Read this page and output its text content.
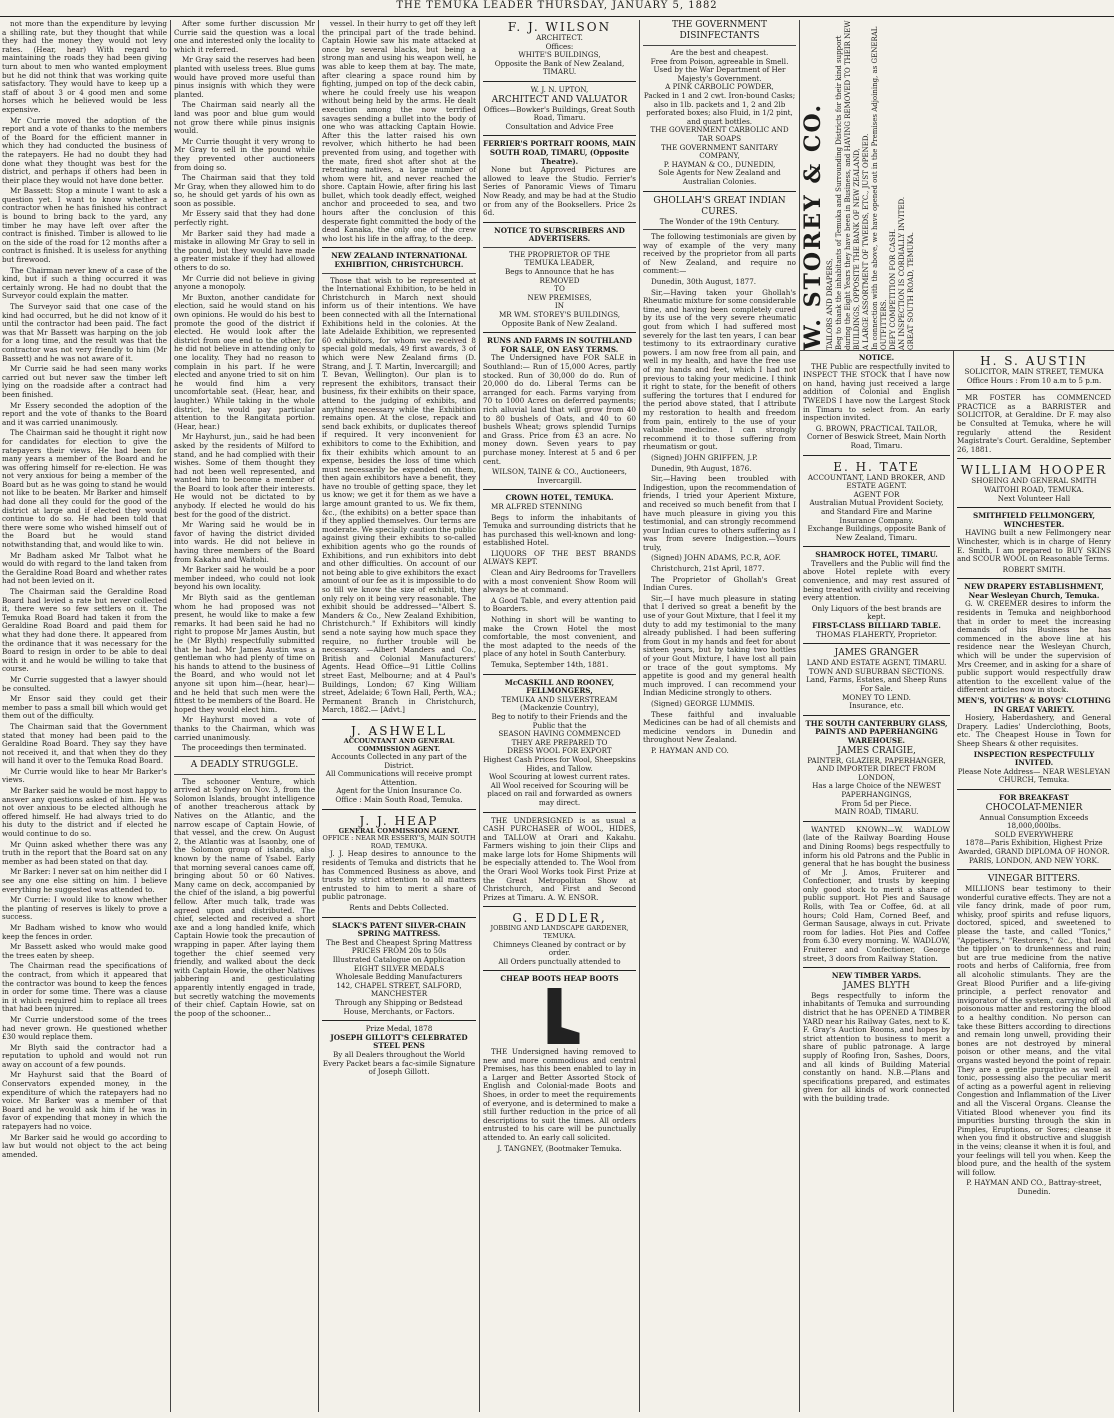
THE TEMUKA LEADER THURSDAY, JANUARY 5, 1882

not more than the expenditure by levying a shilling rate, but they thought that while they had the money they would not levy rates. (Hear, hear) With regard to maintaining the roads they had been giving turn about to men who wanted employment but he did not think that was working quite satisfactory. They would have to keep up a staff of about 3 or 4 good men and some horses which he believed would be less expensive.

Mr Currie moved the adoption of the report and a vote of thanks to the members of the Board for the efficient manner in which they had conducted the business of the ratepayers. He had no doubt they had done what they thought was best for the district, and perhaps if others had been in their place they would not have done better.

Mr Bassett: Stop a minute I want to ask a question yet. I want to know whether a contractor when he has finished his contract is bound to bring back to the yard, any timber he may have left over after the contract is finished. Timber is allowed to lie on the side of the road for 12 months after a contract is finished. It is useless for anything but firewood.

The Chairman never knew of a case of the kind, but if such a thing occurred it was certainly wrong. He had no doubt that the Surveyor could explain the matter.

The Surveyor said that one case of the kind had occurred, but he did not know of it until the contractor had been paid. The fact was that Mr Bassett was harping on the job for a long time, and the result was that the contractor was not very friendly to him (Mr Bassett) and he was not aware of it.

Mr Currie said he had seen many works carried out but never saw the timber left lying on the roadside after a contract had been finished.

Mr Essery seconded the adoption of the report and the vote of thanks to the Board and it was carried unanimously.

The Chairman said he thought it right now for candidates for election to give the ratepayers their views. He had been for many years a member of the Board and he was offering himself for re-election. He was not very anxious for being a member of the Board but as he was going to stand he would not like to be beaten. Mr Barker and himself had done all they could for the good of the district at large and if elected they would continue to do so. He had been told that there were some who wished himself out of the Board but he would stand notwithstanding that, and would like to win.

Mr Badham asked Mr Talbot what he would do with regard to the land taken from the Geraldine Road Board and whether rates had not been levied on it.

The Chairman said the Geraldine Road Board had levied a rate but never collected it, there were so few settlers on it. The Temuka Road Board had taken it from the Geraldine Road Board and paid them for what they had done there. It appeared from the ordinance that it was necessary for the Board to resign in order to be able to deal with it and he would be willing to take that course.

Mr Currie suggested that a lawyer should be consulted.

Mr Ensor said they could get their member to pass a small bill which would get them out of the difficulty.

The Chairman said that the Government stated that money had been paid to the Geraldine Road Board. They say they have not received it, and that when they do they will hand it over to the Temuka Road Board.

Mr Currie would like to hear Mr Barker's views.

Mr Barker said he would be most happy to answer any questions asked of him. He was not over anxious to be elected although he offered himself. He had always tried to do his duty to the district and if elected he would continue to do so.

Mr Quinn asked whether there was any truth in the report that the Board sat on any member as had been stated on that day.

Mr Barker: I never sat on him neither did I see any one else sitting on him. I believe everything he suggested was attended to.

Mr Currie: I would like to know whether the planting of reserves is likely to prove a success.

Mr Badham wished to know who would keep the fences in order.

Mr Bassett asked who would make good the trees eaten by sheep.

The Chairman read the specifications of the contract, from which it appeared that the contractor was bound to keep the fences in order for some time. There was a clause in it which required him to replace all trees that had been injured.

Mr Currie understood some of the trees had never grown. He questioned whether £30 would replace them.

Mr Blyth said the contractor had a reputation to uphold and would not run away on account of a few pounds.

Mr Hayhurst said that the Board of Conservators expended money, in the expenditure of which the ratepayers had no voice. Mr Barker was a member of that Board and he would ask him if he was in favor of expending that money in which the ratepayers had no voice.

Mr Barker said he would go according to law but would not object to the act being amended.

After some further discussion Mr Currie said the question was a local one and interested only the locality to which it referred.

Mr Gray said the reserves had been planted with useless trees. Blue gums would have proved more useful than pinus insignis with which they were planted.

The Chairman said nearly all the land was poor and blue gum would not grow there while pinus insignis would.

Mr Currie thought it very wrong to Mr Gray to sell in the pound while they prevented other auctioneers from doing so.

The Chairman said that they told Mr Gray, when they allowed him to do so, he should get yards of his own as soon as possible.

Mr Essery said that they had done perfectly right.

Mr Barker said they had made a mistake in allowing Mr Gray to sell in the pound, but they would have made a greater mistake if they had allowed others to do so.

Mr Currie did not believe in giving anyone a monopoly.

Mr Buxton, another candidate for election, said he would stand on his own opinions. He would do his best to promote the good of the district if elected. He would look after the district from one end to the other, for he did not believe in attending only to one locality. They had no reason to complain in his part. If he were elected and anyone tried to sit on him he would find him a very uncomfortable seat. (Hear, hear, and laughter.) While taking in the whole district, he would pay particular attention to the Rangitata portion. (Hear, hear.)

Mr Hayhurst, jun., said he had been asked by the residents of Milford to stand, and he had complied with their wishes. Some of them thought they had not been well represented, and wanted him to become a member of the Board to look after their interests. He would not be dictated to by anybody. If elected he would do his best for the good of the district.

Mr Waring said he would be in favor of having the district divided into wards. He did not believe in having three members of the Board from Kakahu and Waitohi.

Mr Barker said he would be a poor member indeed, who could not look beyond his own locality.

Mr Blyth said as the gentleman whom he had proposed was not present, he would like to make a few remarks. It had been said he had no right to propose Mr James Austin, but he (Mr Blyth) respectfully submitted that he had. Mr James Austin was a gentleman who had plenty of time on his hands to attend to the business of the Board, and who would not let anyone sit upon him—(hear, hear)—and he held that such men were the fittest to be members of the Board. He hoped they would elect him.

Mr Hayhurst moved a vote of thanks to the Chairman, which was carried unanimously.

The proceedings then terminated.

A DEADLY STRUGGLE.

The schooner Venture, which arrived at Sydney on Nov. 3, from the Solomon Islands, brought intelligence of another treacherous attack by Natives on the Atlantic, and the narrow escape of Captain Howie, of that vessel, and the crew. On August 2, the Atlantic was at Isaonby, one of the Solomon group of islands, also known by the name of Ysabel. Early that morning several canoes came off, bringing about 50 or 60 Natives. Many came on deck, accompanied by the chief of the island, a big powerful fellow. After much talk, trade was agreed upon and distributed. The chief, selected and received a short axe and a long handled knife, which Captain Howie took the precaution of wrapping in paper. After laying them together the chief seemed very friendly, and walked about the deck with Captain Howie, the other Natives jabbering and gesticulating apparently intently engaged in trade, but secretly watching the movements of their chief. Captain Howie, sat on the poop of the schooner...

vessel. In their hurry to get off they left the principal part of the trade behind. Captain Howie saw his mate attacked at once by several blacks, but being a strong man and using his weapon well, he was able to keep them at bay. The mate, after clearing a space round him by fighting, jumped on top of the deck cabin, where he could freely use his weapon without being held by the arms. He dealt execution among the now terrified savages sending a bullet into the body of one who was attacking Captain Howie. After this the latter raised his own revolver, which hitherto he had been prevented from using, and together with the mate, fired shot after shot at the retreating natives, a large number of whom were hit, and never reached the shore. Captain Howie, after firing his last bullet, which took deadly effect, weighed anchor and proceeded to sea, and two hours after the conclusion of this desperate fight committed the body of the dead Kanaka, the only one of the crew who lost his life in the affray, to the deep.

NEW ZEALAND INTERNATIONAL EXHIBITION, CHRISTCHURCH.

Those that wish to be represented at the International Exhibition, to be held in Christchurch in March next should inform us of their intentions. We have been connected with all the International Exhibitions held in the colonies. At the late Adelaide Exhibition, we represented 60 exhibitors, for whom we received 8 special gold medals, 49 first awards, 3 of which were New Zealand firms (D. Strang, and J. T. Martin, Invercargill; and T. Bevan, Wellington). Our plan is to represent the exhibitors, transact their business, fix their exhibits on their space, attend to the judging of exhibits, and anything necessary while the Exhibition remains open. At the close, repack and send back exhibits, or duplicates thereof if required. It very inconvenient for exhibitors to come to the Exhibition, and fix their exhibits which amount to an expense, besides the loss of time which must necessarily be expended on them, then again exhibitors have a benefit, they have no trouble of getting space, they let us know; we get it for them as we have a large amount granted to us. We fix them, &c., (the exhibits) on a better space than if they applied themselves. Our terms are moderate. We specially caution the public against giving their exhibits to so-called exhibition agents who go the rounds of Exhibitions, and run exhibitors into debt and other difficulties. On account of our not being able to give exhibitors the exact amount of our fee as it is impossible to do so till we know the size of exhibit, they only rely on it being very reasonable. The exhibit should be addressed—"Albert S. Manders & Co., New Zealand Exhibition, Christchurch." If Exhibitors will kindly send a note saying how much space they require, no further trouble will be necessary. —Albert Manders and Co., British and Colonial Manufacturers' Agents. Head Office—91 Little Collins street East, Melbourne; and at 4 Paul's Buildings, London; 67 King William street, Adelaide; 6 Town Hall, Perth, W.A.; Permanent Branch in Christchurch, March, 1882.— [Advt.]

J. ASHWELL
ACCOUNTANT AND GENERAL COMMISSION AGENT.
Accounts Collected in any part of the District.
All Communications will receive prompt Attention.
Agent for the Union Insurance Co.
Office : Main South Road, Temuka.
J. J. HEAP
GENERAL COMMISSION AGENT.
OFFICE : NEAR MR ESSERY'S, MAIN SOUTH ROAD, TEMUKA.

J. J. Heap desires to announce to the residents of Temuka and districts that he has Commenced Business as above, and trusts by strict attention to all matters entrusted to him to merit a share of public patronage.

Rents and Debts Collected.
SLACK'S PATENT SILVER-CHAIN SPRING MATTRESS.
The Best and Cheapest Spring Mattress
PRICES FROM 20s to 50s
Illustrated Catalogue on Application
EIGHT SILVER MEDALS
Wholesale Bedding Manufacturers
142, CHAPEL STREET, SALFORD, MANCHESTER
Through any Shipping or Bedstead House, Merchants, or Factors.
Prize Medal, 1878
JOSEPH GILLOTT'S CELEBRATED STEEL PENS
By all Dealers throughout the World
Every Packet bears a fac-simile Signature of Joseph Gillott.
F. J. WILSON
ARCHITECT.
Offices:
WHITE'S BUILDINGS,
Opposite the Bank of New Zealand, TIMARU.
W. J. N. UPTON,
ARCHITECT AND VALUATOR
Offices—Bowker's Buildings, Great South Road, Timaru.
Consultation and Advice Free
FERRIER'S PORTRAIT ROOMS, MAIN SOUTH ROAD, TIMARU, (Opposite Theatre).

None but Approved Pictures are allowed to leave the Studio. Ferrier's Series of Panoramic Views of Timaru Now Ready, and may be had at the Studio or from any of the Booksellers. Price 2s 6d.

NOTICE TO SUBSCRIBERS AND ADVERTISERS.
THE PROPRIETOR OF THE
TEMUKA LEADER,
Begs to Announce that he has
REMOVED
TO
NEW PREMISES,
IN
MR WM. STOREY'S BUILDINGS,
Opposite Bank of New Zealand.
RUNS AND FARMS IN SOUTHLAND FOR SALE, ON EASY TERMS.

The Undersigned have FOR SALE in Southland:— Run of 15,000 Acres, partly stocked. Run of 30,000 do do. Run of 20,000 do do. Liberal Terms can be arranged for each. Farms varying from 70 to 1000 Acres on deferred payments; rich alluvial land that will grow from 40 to 80 bushels of Oats, and 40 to 60 bushels Wheat; grows splendid Turnips and Grass. Price from £3 an acre. No money down. Seven years to pay purchase money. Interest at 5 and 6 per cent.

WILSON, TAINE & CO., Auctioneers, Invercargill.
CROWN HOTEL, TEMUKA.

MR ALFRED STENNING

Begs to inform the inhabitants of Temuka and surrounding districts that he has purchased this well-known and long-established Hotel.

LIQUORS OF THE BEST BRANDS ALWAYS KEPT.

Clean and Airy Bedrooms for Travellers with a most convenient Show Room will always be at command.

A Good Table, and every attention paid to Boarders.

Nothing in short will be wanting to make the Crown Hotel the most comfortable, the most convenient, and the most adapted to the needs of the place of any hotel in South Canterbury.

Temuka, September 14th, 1881.

McCASKILL AND ROONEY, FELLMONGERS,
TEMUKA AND SILVERSTREAM (Mackenzie Country),
Beg to notify to their Friends and the Public that the
SEASON HAVING COMMENCED
THEY ARE PREPARED TO
DRESS WOOL FOR EXPORT
Highest Cash Prices for Wool, Sheepskins Hides, and Tallow.
Wool Scouring at lowest current rates. All Wool received for Scouring will be placed on rail and forwarded as owners may direct.

THE UNDERSIGNED is as usual a CASH PURCHASER of WOOL, HIDES, and TALLOW at Orari and Kakahu. Farmers wishing to join their Clips and make large lots for Home Shipments will be especially attended to. The Wool from the Orari Wool Works took First Prize at the Great Metropolitan Show at Christchurch, and First and Second Prizes at Timaru. A. W. ENSOR.

G. EDDLER,
JOBBING AND LANDSCAPE GARDENER, TEMUKA.
Chimneys Cleaned by contract or by order.
All Orders punctually attended to
CHEAP BOOTS HEAP BOOTS

THE Undersigned having removed to new and more commodious and central Premises, has this been enabled to lay in a Larger and Better Assorted Stock of English and Colonial-made Boots and Shoes, in order to meet the requirements of everyone, and is determined to make a still further reduction in the price of all descriptions to suit the times. All orders entrusted to his care will be punctually attended to. An early call solicited.

J. TANGNEY, (Bootmaker Temuka.
THE GOVERNMENT DISINFECTANTS
Are the best and cheapest.
Free from Poison, agreeable in Smell.
Used by the War Department of Her Majesty's Government.
A PINK CARBOLIC POWDER,
Packed in 1 and 2 cwt. Iron-bound Casks; also in 1lb. packets and 1, 2 and 2lb perforated boxes; also Fluid, in 1/2 pint, and quart bottles.
THE GOVERNMENT CARBOLIC AND TAR SOAPS
THE GOVERNMENT SANITARY COMPANY,
P. HAYMAN & CO., DUNEDIN,
Sole Agents for New Zealand and Australian Colonies.
GHOLLAH'S GREAT INDIAN CURES.
The Wonder of the 19th Century.

The following testimonials are given by way of example of the very many received by the proprietor from all parts of New Zealand, and require no comment:—

Dunedin, 30th August, 1877.

Sir,—Having taken your Ghollah's Rheumatic mixture for some considerable time, and having been completely cured by its use of the very severe rheumatic gout from which I had suffered most severely for the last ten years, I can bear testimony to its extraordinary curative powers. I am now free from all pain, and well in my health, and have the free use of my hands and feet, which I had not previous to taking your medicine. I think it right to state, for the benefit of others suffering the tortures that I endured for the period above stated, that I attribute my restoration to health and freedom from pain, entirely to the use of your valuable medicine. I can strongly recommend it to those suffering from rheumatism or gout.

(Signed) JOHN GRIFFEN, J.P.

Dunedin, 9th August, 1876.

Sir,—Having been troubled with Indigestion, upon the recommendation of friends, I tried your Aperient Mixture, and received so much benefit from that I have much pleasure in giving you this testimonial, and can strongly recommend your Indian cures to others suffering as I was from severe Indigestion.—Yours truly,

(Signed) JOHN ADAMS, P.C.R, AOF.

Christchurch, 21st April, 1877.

The Proprietor of Ghollah's Great Indian Cures.

Sir,—I have much pleasure in stating that I derived so great a benefit by the use of your Gout Mixture, that I feel it my duty to add my testimonial to the many already published. I had been suffering from Gout in my hands and feet for about sixteen years, but by taking two bottles of your Gout Mixture, I have lost all pain or trace of the gout symptoms. My appetite is good and my general health much improved. I can recommend your Indian Medicine strongly to others.

(Signed) GEORGE LUMMIS.

These faithful and invaluable Medicines can be had of all chemists and medicine vendors in Dunedin and throughout New Zealand.

P. HAYMAN AND CO.

W. STOREY & CO. TAILORS AND DRAPERS, Beg to thank the inhabitants of Temuka and Surrounding Districts for their kind support during the Eight Years they have been in Business, and HAVING REMOVED TO THEIR NEW BUILDINGS, OPPOSITE THE BANK OF NEW ZEALAND, A LARGE ASSORTMENT OF TWEEDS, ETC., JUST OPENED. In connection with the above, we have opened out in the Premises Adjoining, as GENERAL OUTFITTERS. DEFY COMPETITION FOR CASH. AN INSPECTION IS CORDIALLY INVITED. GREAT SOUTH ROAD, TEMUKA.
NOTICE.

THE Public are respectfully invited to INSPECT THE STOCK that I have now on hand, having just received a large addition of Colonial and English TWEEDS I have now the Largest Stock in Timaru to select from. An early inspection invited.

G. BROWN, PRACTICAL TAILOR, Corner of Beswick Street, Main North Road, Timaru.
E. H. TATE
ACCOUNTANT, LAND BROKER, AND ESTATE AGENT.
AGENT FOR
Australian Mutual Provident Society, and Standard Fire and Marine Insurance Company.
Exchange Buildings, opposite Bank of New Zealand, Timaru.
SHAMROCK HOTEL, TIMARU.

Travellers and the Public will find the above Hotel replete with every convenience, and may rest assured of being treated with civility and receiving every attention.

Only Liquors of the best brands are kept.
FIRST-CLASS BILLIARD TABLE.
THOMAS FLAHERTY, Proprietor.
JAMES GRANGER
LAND AND ESTATE AGENT, TIMARU.
TOWN AND SUBURBAN SECTIONS.
Land, Farms, Estates, and Sheep Runs For Sale.
MONEY TO LEND.
Insurance, etc.
THE SOUTH CANTERBURY GLASS, PAINTS AND PAPERHANGING WAREHOUSE.
JAMES CRAIGIE,
PAINTER, GLAZIER, PAPERHANGER, AND IMPORTER DIRECT FROM LONDON,
Has a large Choice of the NEWEST PAPERHANGINGS,
From 5d per Piece.
MAIN ROAD, TIMARU.

WANTED KNOWN—W. WADLOW (late of the Railway Boarding House and Dining Rooms) begs respectfully to inform his old Patrons and the Public in general that he has bought the business of Mr J. Amos, Fruiterer and Confectioner, and trusts by keeping only good stock to merit a share of public support. Hot Pies and Sausage Rolls, with Tea or Coffee, 6d. at all hours; Cold Ham, Corned Beef, and German Sausage, always in cut. Private room for ladies. Hot Pies and Coffee from 6.30 every morning. W. WADLOW, Fruiterer and Confectioner, George street, 3 doors from Railway Station.

NEW TIMBER YARDS.
JAMES BLYTH

Begs respectfully to inform the inhabitants of Temuka and surrounding district that he has OPENED A TIMBER YARD near his Railway Gates, next to K. F. Gray's Auction Rooms, and hopes by strict attention to business to merit a share of public patronage. A large supply of Roofing Iron, Sashes, Doors, and all kinds of Building Material constantly on hand. N.B.—Plans and specifications prepared, and estimates given for all kinds of work connected with the building trade.

H. S. AUSTIN
SOLICITOR, MAIN STREET, TEMUKA
Office Hours : From 10 a.m to 5 p.m.

MR FOSTER has COMMENCED PRACTICE as a BARRISTER and SOLICITOR, at Geraldine. Dr F. may also be Consulted at Temuka, where he will regularly attend the Resident Magistrate's Court. Geraldine, September 26, 1881.

WILLIAM HOOPER
SHOEING AND GENERAL SMITH
WAITOHI ROAD, TEMUKA.
Next Volunteer Hall
SMITHFIELD FELLMONGERY, WINCHESTER.

HAVING built a new Fellmongery near Winchester, which is in charge of Henry E. Smith, I am prepared to BUY SKINS and SCOUR WOOL on Reasonable Terms.

ROBERT SMITH.
NEW DRAPERY ESTABLISHMENT, Near Wesleyan Church, Temuka.

G. W. CREEMER desires to inform the residents in Temuka and neighborhood that in order to meet the increasing demands of his Business he has commenced in the above line at his residence near the Wesleyan Church, which will be under the supervision of Mrs Creemer, and in asking for a share of public support would respectfully draw attention to the excellent value of the different articles now in stock.

MEN'S, YOUTHS' & BOYS' CLOTHING IN GREAT VARIETY.

Hosiery, Haberdashery, and General Drapery. Ladies' Underclothing, Boots, etc. The Cheapest House in Town for Sheep Shears & other requisites.

INSPECTION RESPECTFULLY INVITED.
Please Note Address— NEAR WESLEYAN CHURCH, Temuka.
FOR BREAKFAST
CHOCOLAT-MENIER
Annual Consumption Exceeds 18,000,000lbs.
SOLD EVERYWHERE
1878—Paris Exhibition, Highest Prize Awarded, GRAND DIPLOMA OF HONOR.
PARIS, LONDON, AND NEW YORK.
VINEGAR BITTERS.

MILLIONS bear testimony to their wonderful curative effects. They are not a vile fancy drink, made of poor rum, whisky, proof spirits and refuse liquors, doctored, spiced, and sweetened to please the taste, and called "Tonics," "Appetisers," "Restorers," &c., that lead the tippler on to drunkenness and ruin; but are true medicine from the native roots and herbs of California, free from all alcoholic stimulants. They are the Great Blood Purifier and a life-giving principle, a perfect renovator and invigorator of the system, carrying off all poisonous matter and restoring the blood to a healthy condition. No person can take these Bitters according to directions and remain long unwell, providing their bones are not destroyed by mineral poison or other means, and the vital organs wasted beyond the point of repair. They are a gentle purgative as well as tonic, possessing also the peculiar merit of acting as a powerful agent in relieving Congestion and Inflammation of the Liver and all the Visceral Organs. Cleanse the Vitiated Blood whenever you find its impurities bursting through the skin in Pimples, Eruptions, or Sores; cleanse it when you find it obstructive and sluggish in the veins; cleanse it when it is foul, and your feelings will tell you when. Keep the blood pure, and the health of the system will follow.

P. HAYMAN AND CO., Battray-street, Dunedin.
